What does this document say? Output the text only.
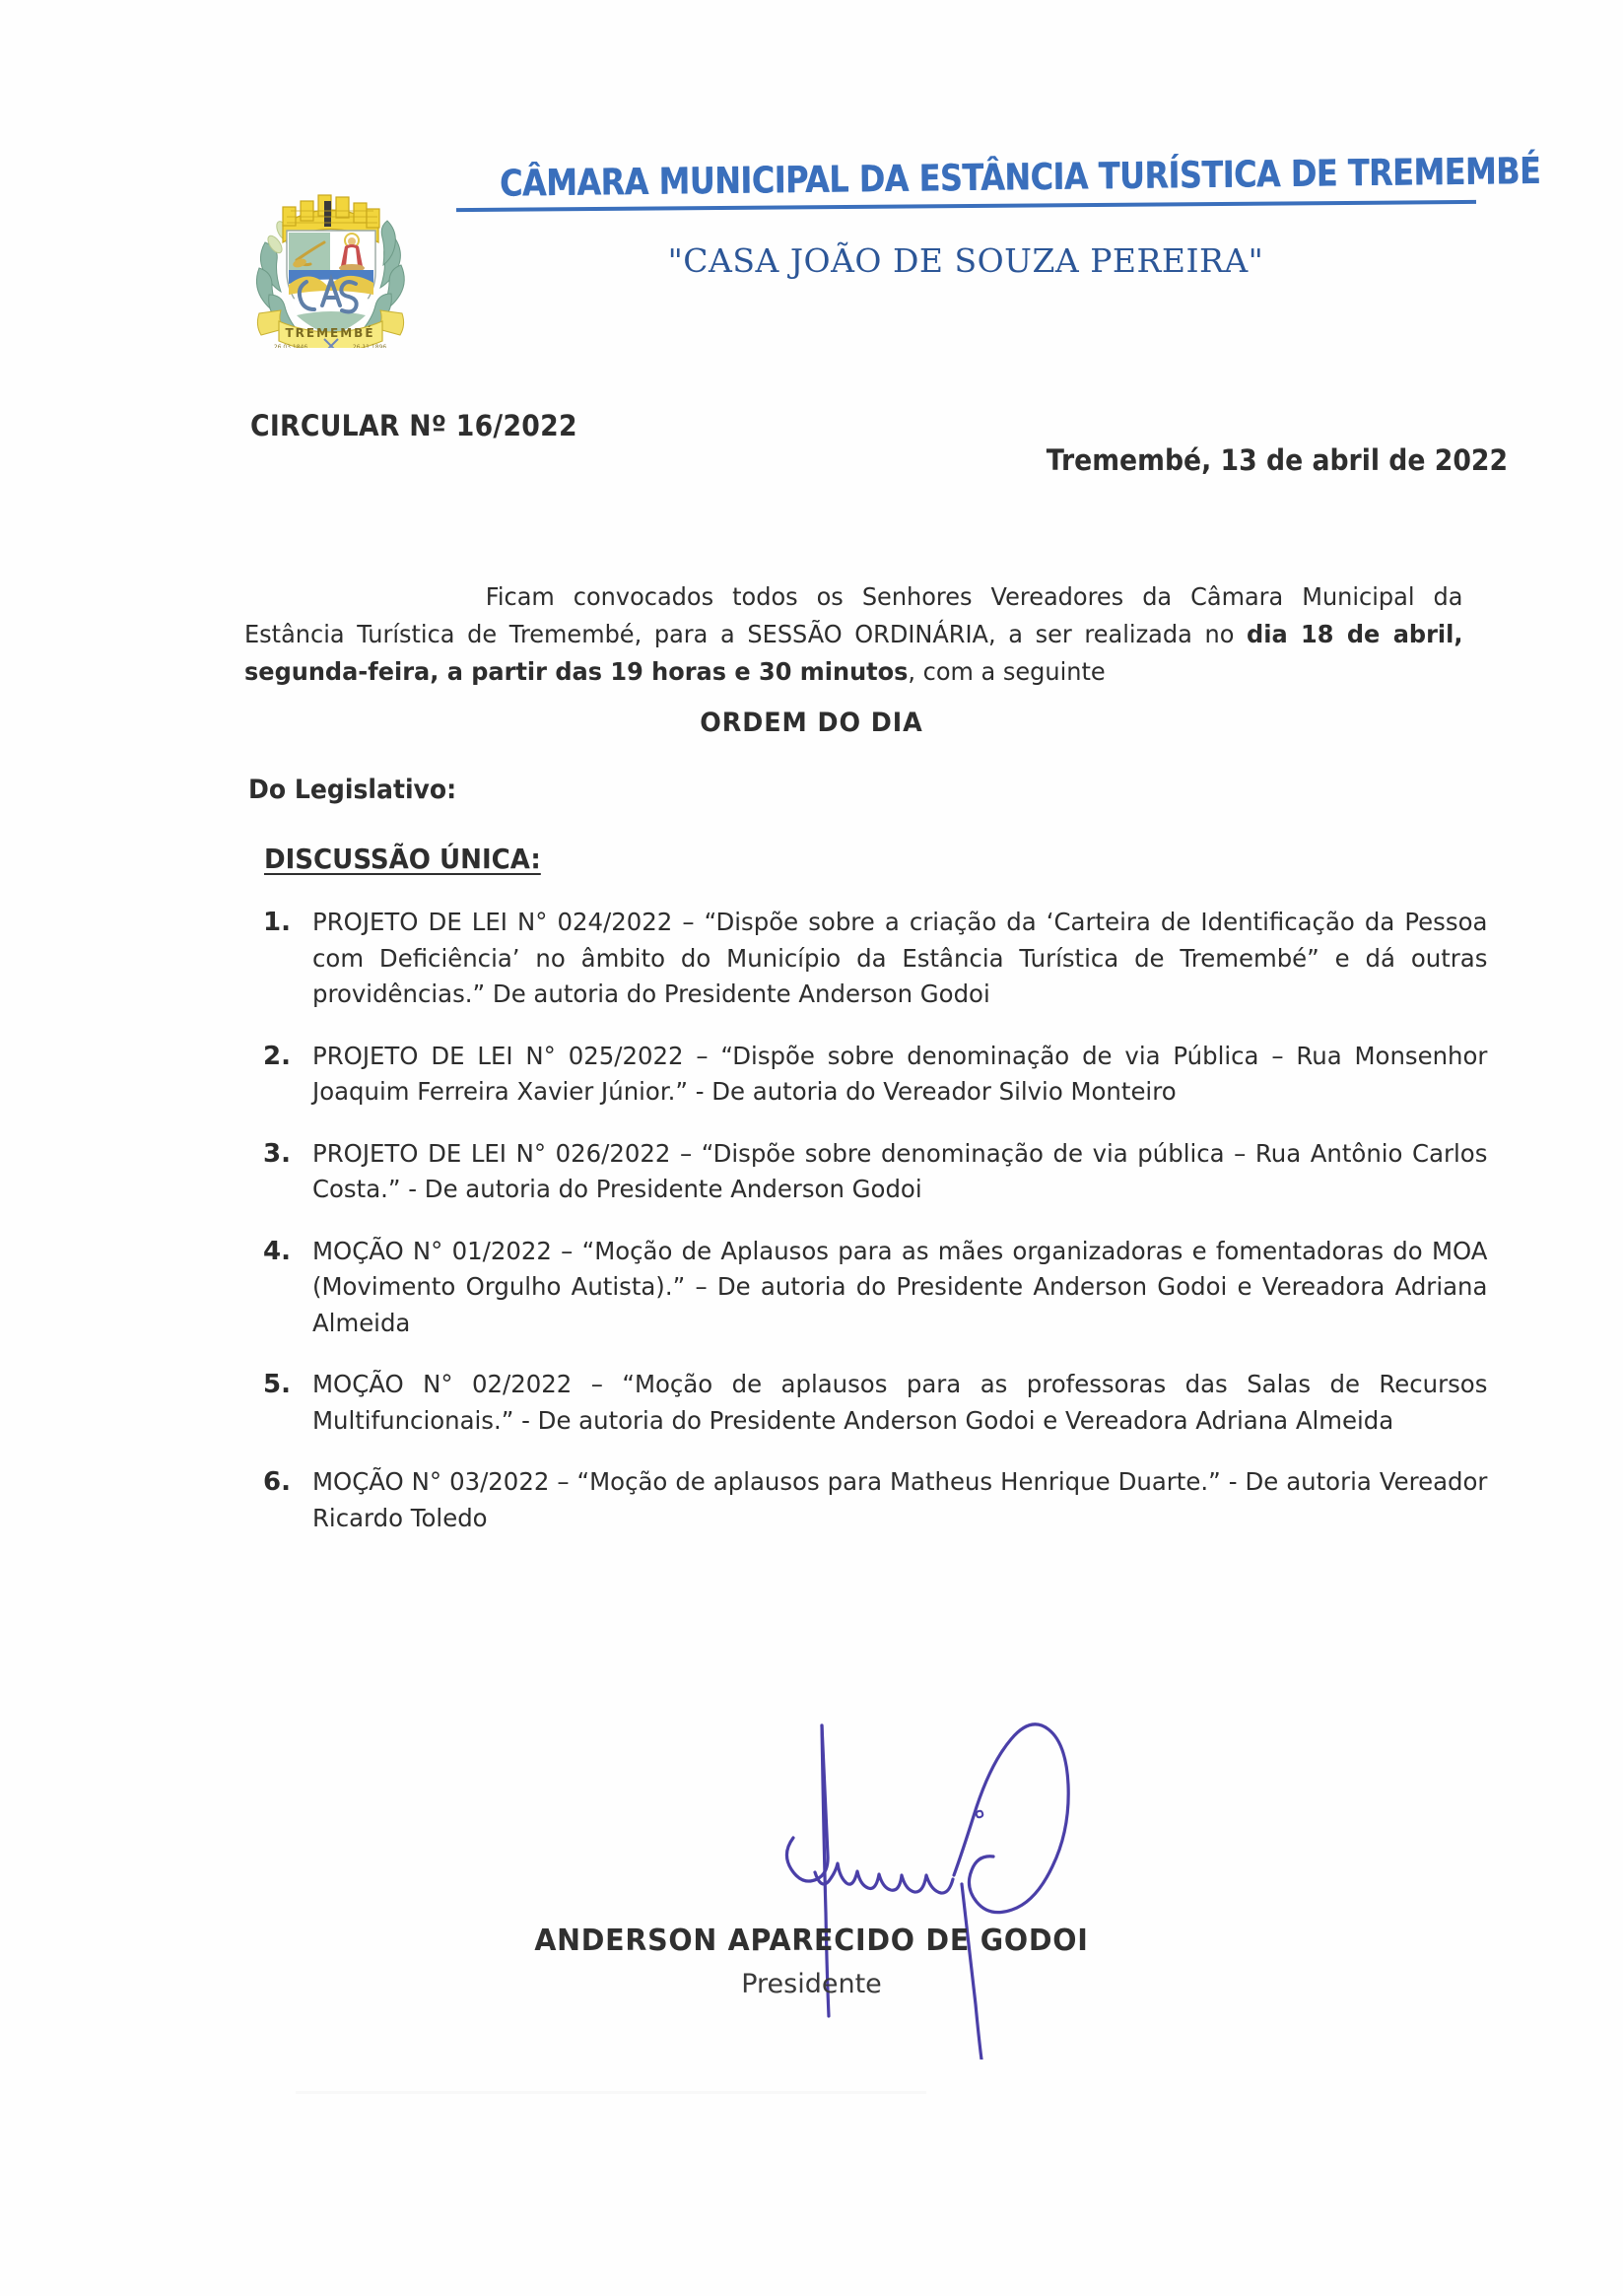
TREMEMBÉ
26 03 1846	26 11 1896
CÂMARA MUNICIPAL DA ESTÂNCIA TURÍSTICA DE TREMEMBÉ
"CASA JOÃO DE SOUZA PEREIRA"
CIRCULAR Nº 16/2022
Tremembé, 13 de abril de 2022

Ficam convocados todos os Senhores Vereadores da Câmara Municipal da Estância Turística de Tremembé, para a SESSÃO ORDINÁRIA, a ser realizada no dia 18 de abril, segunda-feira, a partir das 19 horas e 30 minutos, com a seguinte

ORDEM DO DIA
Do Legislativo:
DISCUSSÃO ÚNICA:
1. PROJETO DE LEI N° 024/2022 – “Dispõe sobre a criação da ‘Carteira de Identificação da Pessoa com Deficiência’ no âmbito do Município da Estância Turística de Tremembé” e dá outras providências.” De autoria do Presidente Anderson Godoi
2. PROJETO DE LEI N° 025/2022 – “Dispõe sobre denominação de via Pública – Rua Monsenhor Joaquim Ferreira Xavier Júnior.” - De autoria do Vereador Silvio Monteiro
3. PROJETO DE LEI N° 026/2022 – “Dispõe sobre denominação de via pública – Rua Antônio Carlos Costa.” - De autoria do Presidente Anderson Godoi
4. MOÇÃO N° 01/2022 – “Moção de Aplausos para as mães organizadoras e fomentadoras do MOA (Movimento Orgulho Autista).” – De autoria do Presidente Anderson Godoi e Vereadora Adriana Almeida
5. MOÇÃO N° 02/2022 – “Moção de aplausos para as professoras das Salas de Recursos Multifuncionais.” - De autoria do Presidente Anderson Godoi e Vereadora Adriana Almeida
6. MOÇÃO N° 03/2022 – “Moção de aplausos para Matheus Henrique Duarte.” - De autoria Vereador Ricardo Toledo
ANDERSON APARECIDO DE GODOI
Presidente
